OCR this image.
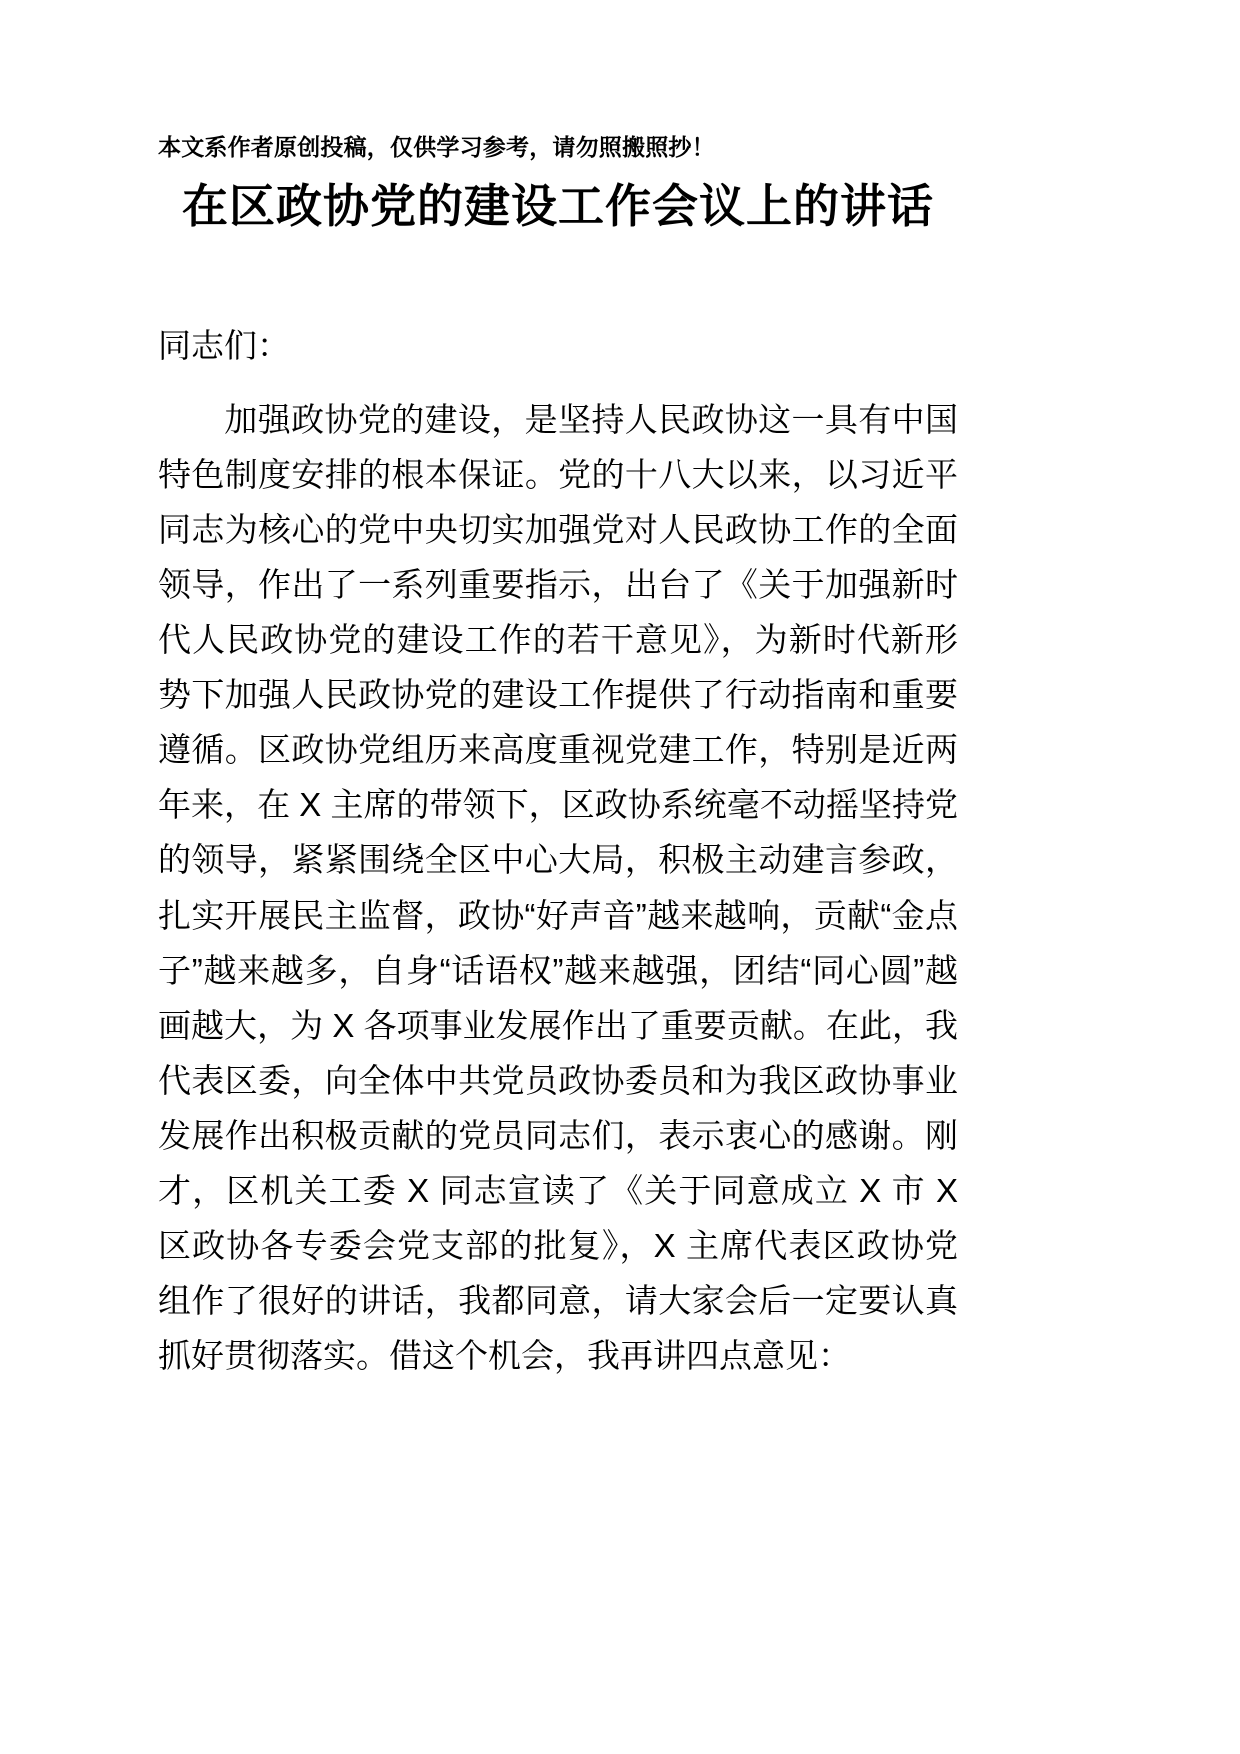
本文系作者原创投稿，仅供学习参考，请勿照搬照抄！
在区政协党的建设工作会议上的讲话
同志们：

加强政协党的建设，是坚持人民政协这一具有中国特色制度安排的根本保证。党的十八大以来，以习近平同志为核心的党中央切实加强党对人民政协工作的全面领导，作出了一系列重要指示，出台了《关于加强新时代人民政协党的建设工作的若干意见》，为新时代新形势下加强人民政协党的建设工作提供了行动指南和重要遵循。区政协党组历来高度重视党建工作，特别是近两年来，在 X 主席的带领下，区政协系统毫不动摇坚持党的领导，紧紧围绕全区中心大局，积极主动建言参政，扎实开展民主监督，政协“好声音”越来越响，贡献“金点子”越来越多，自身“话语权”越来越强，团结“同心圆”越画越大，为 X 各项事业发展作出了重要贡献。在此，我代表区委，向全体中共党员政协委员和为我区政协事业发展作出积极贡献的党员同志们，表示衷心的感谢。刚才，区机关工委 X 同志宣读了《关于同意成立 X 市 X 区政协各专委会党支部的批复》，X 主席代表区政协党组作了很好的讲话，我都同意，请大家会后一定要认真抓好贯彻落实。借这个机会，我再讲四点意见：
